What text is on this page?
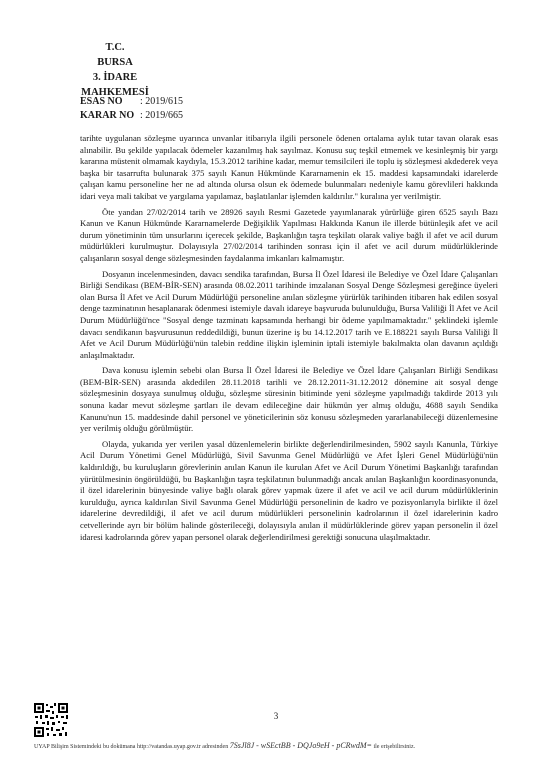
T.C.
BURSA
3. İDARE MAHKEMESİ
ESAS NO : 2019/615
KARAR NO : 2019/665

tarihte uygulanan sözleşme uyarınca unvanlar itibarıyla ilgili personele ödenen ortalama aylık tutar tavan olarak esas alınabilir. Bu şekilde yapılacak ödemeler kazanılmış hak sayılmaz. Konusu suç teşkil etmemek ve kesinleşmiş bir yargı kararına müstenit olmamak kaydıyla, 15.3.2012 tarihine kadar, memur temsilcileri ile toplu iş sözleşmesi akdederek veya başka bir tasarrufta bulunarak 375 sayılı Kanun Hükmünde Kararnamenin ek 15. maddesi kapsamındaki idarelerde çalışan kamu personeline her ne ad altında olursa olsun ek ödemede bulunmaları nedeniyle kamu görevlileri hakkında idari veya mali takibat ve yargılama yapılamaz, başlatılanlar işlemden kaldırılır." kuralına yer verilmiştir.

Öte yandan 27/02/2014 tarih ve 28926 sayılı Resmi Gazetede yayımlanarak yürürlüğe giren 6525 sayılı Bazı Kanun ve Kanun Hükmünde Kararnamelerde Değişiklik Yapılması Hakkında Kanun ile illerde bütünleşik afet ve acil durum yönetiminin tüm unsurlarını içerecek şekilde, Başkanlığın taşra teşkilatı olarak valiye bağlı il afet ve acil durum müdürlükleri kurulmuştur. Dolayısıyla 27/02/2014 tarihinden sonrası için il afet ve acil durum müdürlüklerinde çalışanların sosyal denge sözleşmesinden faydalanma imkanları kalmamıştır.

Dosyanın incelenmesinden, davacı sendika tarafından, Bursa İl Özel İdaresi ile Belediye ve Özel İdare Çalışanları Birliği Sendikası (BEM-BİR-SEN) arasında 08.02.2011 tarihinde imzalanan Sosyal Denge Sözleşmesi gereğince üyeleri olan Bursa İl Afet ve Acil Durum Müdürlüğü personeline anılan sözleşme yürürlük tarihinden itibaren hak edilen sosyal denge tazminatının hesaplanarak ödenmesi istemiyle davalı idareye başvuruda bulunulduğu, Bursa Valiliği İl Afet ve Acil Durum Müdürlüğü'nce "Sosyal denge tazminatı kapsamında herhangi bir ödeme yapılmamaktadır." şeklindeki işlemle davacı sendikanın başvurusunun reddedildiği, bunun üzerine iş bu 14.12.2017 tarih ve E.188221 sayılı Bursa Valiliği İl Afet ve Acil Durum Müdürlüğü'nün talebin reddine ilişkin işleminin iptali istemiyle bakılmakta olan davanın açıldığı anlaşılmaktadır.

Dava konusu işlemin sebebi olan Bursa İl Özel İdaresi ile Belediye ve Özel İdare Çalışanları Birliği Sendikası (BEM-BİR-SEN) arasında akdedilen 28.11.2018 tarihli ve 28.12.2011-31.12.2012 dönemine ait sosyal denge sözleşmesinin dosyaya sunulmuş olduğu, sözleşme süresinin bitiminde yeni sözleşme yapılmadığı takdirde 2013 yılı sonuna kadar mevut sözleşme şartları ile devam edileceğine dair hükmün yer almış olduğu, 4688 sayılı Sendika Kanunu'nun 15. maddesinde dahil personel ve yöneticilerinin söz konusu sözleşmeden yararlanabileceği düzenlemesine yer verilmiş olduğu görülmüştür.

Olayda, yukarıda yer verilen yasal düzenlemelerin birlikte değerlendirilmesinden, 5902 sayılı Kanunla, Türkiye Acil Durum Yönetimi Genel Müdürlüğü, Sivil Savunma Genel Müdürlüğü ve Afet İşleri Genel Müdürlüğü'nün kaldırıldığı, bu kuruluşların görevlerinin anılan Kanun ile kurulan Afet ve Acil Durum Yönetimi Başkanlığı tarafından yürütülmesinin öngörüldüğü, bu Başkanlığın taşra teşkilatının bulunmadığı ancak anılan Başkanlığın koordinasyonunda, il özel idarelerinin bünyesinde valiye bağlı olarak görev yapmak üzere il afet ve acil ve acil durum müdürlüklerinin kurulduğu, ayrıca kaldırılan Sivil Savunma Genel Müdürlüğü personelinin de kadro ve pozisyonlarıyla birlikte il özel idarelerine devredildiği, il afet ve acil durum müdürlükleri personelinin kadrolarının il özel idarelerinin kadro cetvellerinde ayrı bir bölüm halinde gösterileceği, dolayısıyla anılan il müdürlüklerinde görev yapan personelin il özel idaresi kadrolarında görev yapan personel olarak değerlendirilmesi gerektiği sonucuna ulaşılmaktadır.

3
UYAP Bilişim Sistemindeki bu dokümana http://vatandas.uyap.gov.tr adresinden 7SsJl8J - wSEctBB - DQJo9eH - pCRwdM= ile erişebilirsiniz.
